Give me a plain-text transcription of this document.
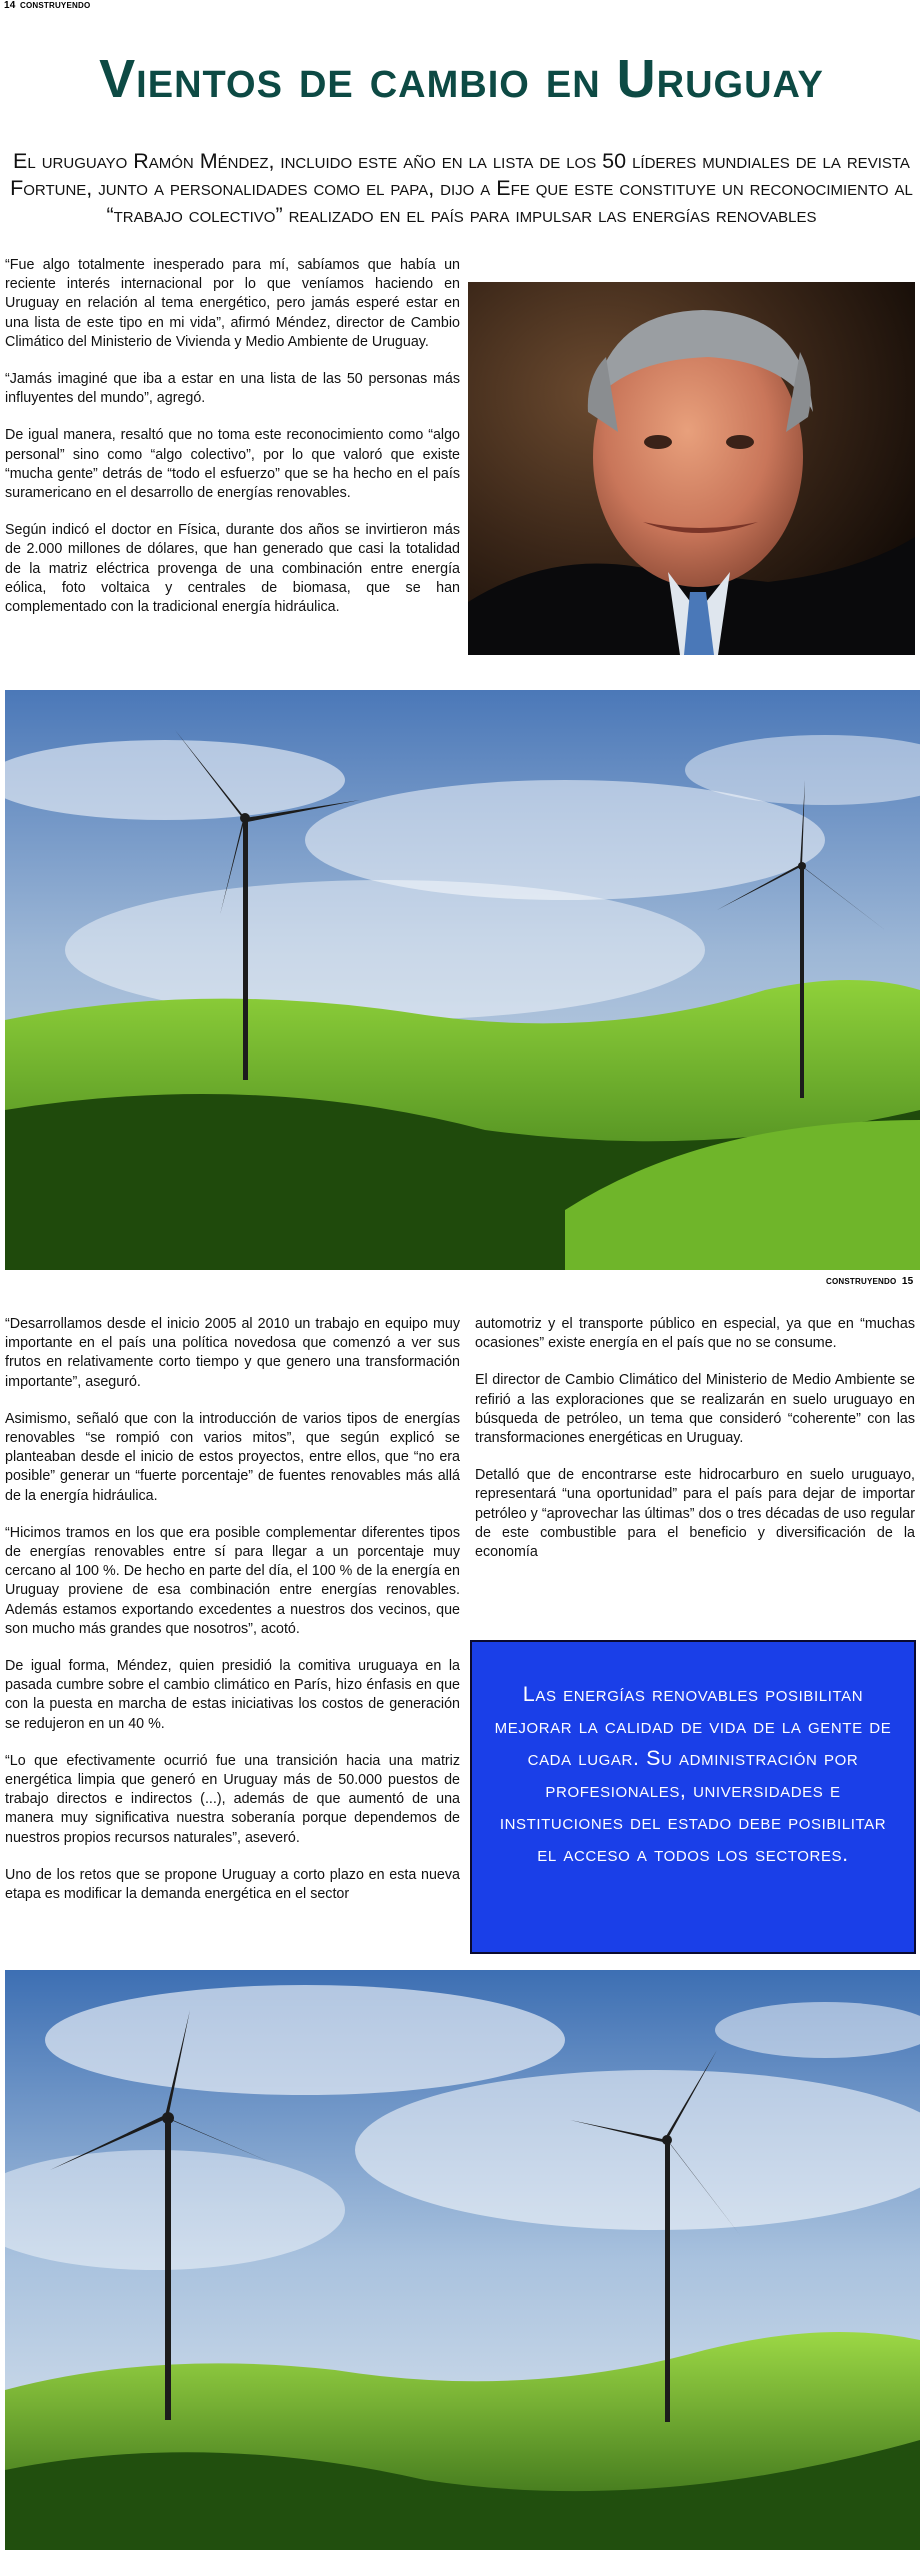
14 CONSTRUYENDO
Vientos de cambio en Uruguay
El uruguayo Ramón Méndez, incluido este año en la lista de los 50 líderes mundiales de la revista Fortune, junto a personalidades como el papa, dijo a Efe que este constituye un reconocimiento al “trabajo colectivo” realizado en el país para impulsar las energías renovables

“Fue algo totalmente inesperado para mí, sabíamos que había un reciente interés internacional por lo que veníamos haciendo en Uruguay en relación al tema energético, pero jamás esperé estar en una lista de este tipo en mi vida”, afirmó Méndez, director de Cambio Climático del Ministerio de Vivienda y Medio Ambiente de Uruguay.

“Jamás imaginé que iba a estar en una lista de las 50 personas más influyentes del mundo”, agregó.

De igual manera, resaltó que no toma este reconocimiento como “algo personal” sino como “algo colectivo”, por lo que valoró que existe “mucha gente” detrás de “todo el esfuerzo” que se ha hecho en el país suramericano en el desarrollo de energías renovables.

Según indicó el doctor en Física, durante dos años se invirtieron más de 2.000 millones de dólares, que han generado que casi la totalidad de la matriz eléctrica provenga de una combinación entre energía eólica, foto voltaica y centrales de biomasa, que se han complementado con la tradicional energía hidráulica.

CONSTRUYENDO 15

“Desarrollamos desde el inicio 2005 al 2010 un trabajo en equipo muy importante en el país una política novedosa que comenzó a ver sus frutos en relativamente corto tiempo y que genero una transformación importante”, aseguró.

Asimismo, señaló que con la introducción de varios tipos de energías renovables “se rompió con varios mitos”, que según explicó se planteaban desde el inicio de estos proyectos, entre ellos, que “no era posible” generar un “fuerte porcentaje” de fuentes renovables más allá de la energía hidráulica.

“Hicimos tramos en los que era posible complementar diferentes tipos de energías renovables entre sí para llegar a un porcentaje muy cercano al 100 %. De hecho en parte del día, el 100 % de la energía en Uruguay proviene de esa combinación entre energías renovables. Además estamos exportando excedentes a nuestros dos vecinos, que son mucho más grandes que nosotros”, acotó.

De igual forma, Méndez, quien presidió la comitiva uruguaya en la pasada cumbre sobre el cambio climático en París, hizo énfasis en que con la puesta en marcha de estas iniciativas los costos de generación se redujeron en un 40 %.

“Lo que efectivamente ocurrió fue una transición hacia una matriz energética limpia que generó en Uruguay más de 50.000 puestos de trabajo directos e indirectos (...), además de que aumentó de una manera muy significativa nuestra soberanía porque dependemos de nuestros propios recursos naturales”, aseveró.

Uno de los retos que se propone Uruguay a corto plazo en esta nueva etapa es modificar la demanda energética en el sector

automotriz y el transporte público en especial, ya que en “muchas ocasiones” existe energía en el país que no se consume.

El director de Cambio Climático del Ministerio de Medio Ambiente se refirió a las exploraciones que se realizarán en suelo uruguayo en búsqueda de petróleo, un tema que consideró “coherente” con las transformaciones energéticas en Uruguay.

Detalló que de encontrarse este hidrocarburo en suelo uruguayo, representará “una oportunidad” para el país para dejar de importar petróleo y “aprovechar las últimas” dos o tres décadas de uso regular de este combustible para el beneficio y diversificación de la economía

Las energías renovables posibilitan mejorar la calidad de vida de la gente de cada lugar. Su administración por profesionales, universidades e instituciones del estado debe posibilitar el acceso a todos los sectores.
